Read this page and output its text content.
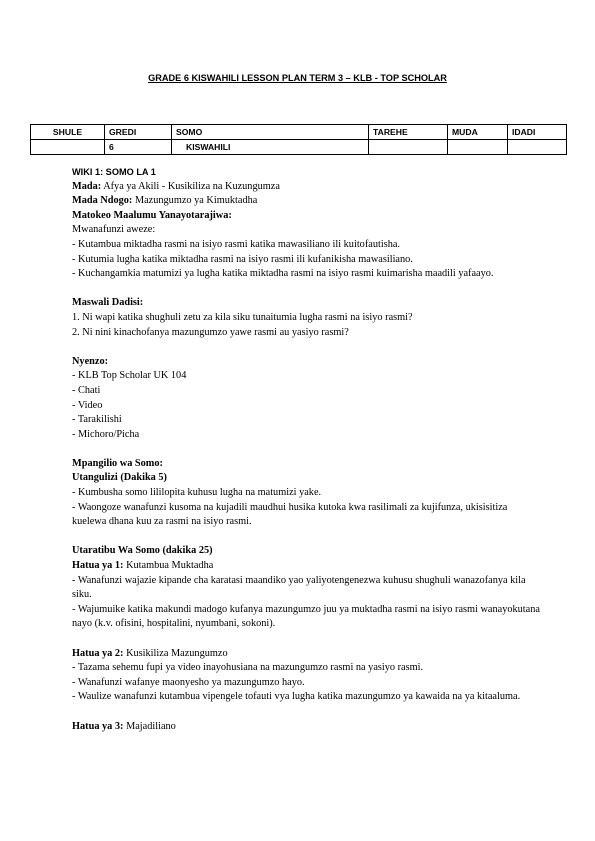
GRADE 6 KISWAHILI LESSON PLAN TERM 3 – KLB - TOP SCHOLAR
SHULE	GREDI	SOMO	TAREHE	MUDA	IDADI
	6	KISWAHILI			

WIKI 1: SOMO LA 1

Mada: Afya ya Akili - Kusikiliza na Kuzungumza

Mada Ndogo: Mazungumzo ya Kimuktadha

Matokeo Maalumu Yanayotarajiwa:

Mwanafunzi aweze:

- Kutambua miktadha rasmi na isiyo rasmi katika mawasiliano ili kuitofautisha.

- Kutumia lugha katika miktadha rasmi na isiyo rasmi ili kufanikisha mawasiliano.

- Kuchangamkia matumizi ya lugha katika miktadha rasmi na isiyo rasmi kuimarisha maadili yafaayo.

Maswali Dadisi:

1. Ni wapi katika shughuli zetu za kila siku tunaitumia lugha rasmi na isiyo rasmi?

2. Ni nini kinachofanya mazungumzo yawe rasmi au yasiyo rasmi?

Nyenzo:

- KLB Top Scholar UK 104

- Chati

- Video

- Tarakilishi

- Michoro/Picha

Mpangilio wa Somo:

Utangulizi (Dakika 5)

- Kumbusha somo lililopita kuhusu lugha na matumizi yake.

- Waongoze wanafunzi kusoma na kujadili maudhui husika kutoka kwa rasilimali za kujifunza, ukisisitiza kuelewa dhana kuu za rasmi na isiyo rasmi.

Utaratibu Wa Somo (dakika 25)

Hatua ya 1: Kutambua Muktadha

- Wanafunzi wajazie kipande cha karatasi maandiko yao yaliyotengenezwa kuhusu shughuli wanazofanya kila siku.

- Wajumuike katika makundi madogo kufanya mazungumzo juu ya muktadha rasmi na isiyo rasmi wanayokutana nayo (k.v. ofisini, hospitalini, nyumbani, sokoni).

Hatua ya 2: Kusikiliza Mazungumzo

- Tazama sehemu fupi ya video inayohusiana na mazungumzo rasmi na yasiyo rasmi.

- Wanafunzi wafanye maonyesho ya mazungumzo hayo.

- Waulize wanafunzi kutambua vipengele tofauti vya lugha katika mazungumzo ya kawaida na ya kitaaluma.

Hatua ya 3: Majadiliano
